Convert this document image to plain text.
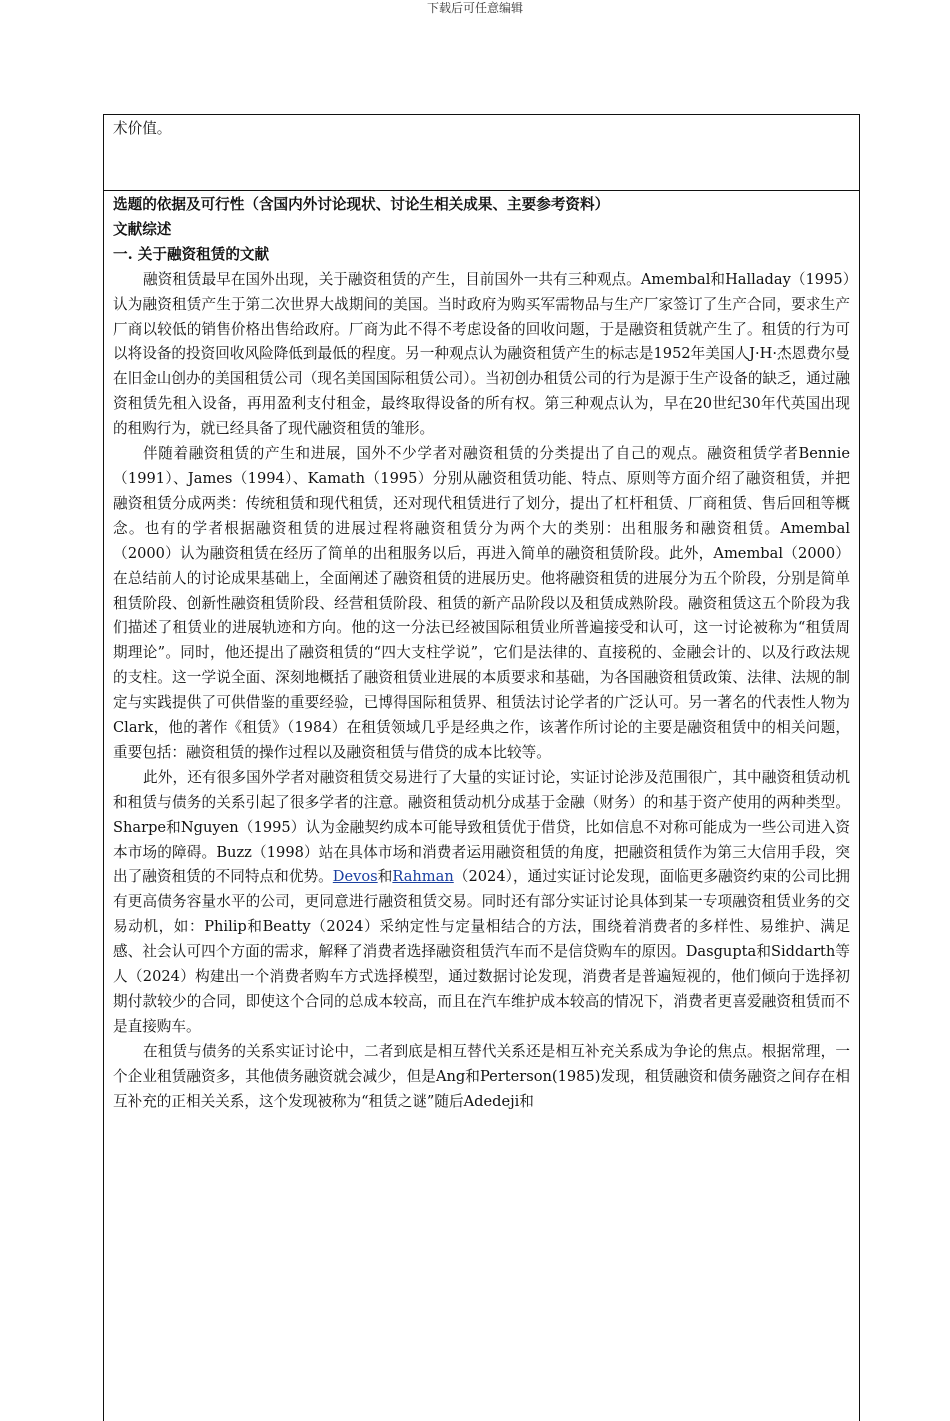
下载后可任意编辑

术价值。

选题的依据及可行性（含国内外讨论现状、讨论生相关成果、主要参考资料）

文献综述

一. 关于融资租赁的文献

融资租赁最早在国外出现，关于融资租赁的产生，目前国外一共有三种观点。Amembal和Halladay（1995）认为融资租赁产生于第二次世界大战期间的美国。当时政府为购买军需物品与生产厂家签订了生产合同，要求生产厂商以较低的销售价格出售给政府。厂商为此不得不考虑设备的回收问题，于是融资租赁就产生了。租赁的行为可以将设备的投资回收风险降低到最低的程度。另一种观点认为融资租赁产生的标志是1952年美国人J·H·杰恩费尔曼在旧金山创办的美国租赁公司（现名美国国际租赁公司）。当初创办租赁公司的行为是源于生产设备的缺乏，通过融资租赁先租入设备，再用盈利支付租金，最终取得设备的所有权。第三种观点认为，早在20世纪30年代英国出现的租购行为，就已经具备了现代融资租赁的雏形。

伴随着融资租赁的产生和进展，国外不少学者对融资租赁的分类提出了自己的观点。融资租赁学者Bennie（1991）、James（1994）、Kamath（1995）分别从融资租赁功能、特点、原则等方面介绍了融资租赁，并把融资租赁分成两类：传统租赁和现代租赁，还对现代租赁进行了划分，提出了杠杆租赁、厂商租赁、售后回租等概念。也有的学者根据融资租赁的进展过程将融资租赁分为两个大的类别：出租服务和融资租赁。Amembal（2000）认为融资租赁在经历了简单的出租服务以后，再进入简单的融资租赁阶段。此外，Amembal（2000）在总结前人的讨论成果基础上，全面阐述了融资租赁的进展历史。他将融资租赁的进展分为五个阶段，分别是简单租赁阶段、创新性融资租赁阶段、经营租赁阶段、租赁的新产品阶段以及租赁成熟阶段。融资租赁这五个阶段为我们描述了租赁业的进展轨迹和方向。他的这一分法已经被国际租赁业所普遍接受和认可，这一讨论被称为“租赁周期理论”。同时，他还提出了融资租赁的“四大支柱学说”，它们是法律的、直接税的、金融会计的、以及行政法规的支柱。这一学说全面、深刻地概括了融资租赁业进展的本质要求和基础，为各国融资租赁政策、法律、法规的制定与实践提供了可供借鉴的重要经验，已博得国际租赁界、租赁法讨论学者的广泛认可。另一著名的代表性人物为Clark，他的著作《租赁》（1984）在租赁领域几乎是经典之作，该著作所讨论的主要是融资租赁中的相关问题，重要包括：融资租赁的操作过程以及融资租赁与借贷的成本比较等。

此外，还有很多国外学者对融资租赁交易进行了大量的实证讨论，实证讨论涉及范围很广，其中融资租赁动机和租赁与债务的关系引起了很多学者的注意。融资租赁动机分成基于金融（财务）的和基于资产使用的两种类型。Sharpe和Nguyen（1995）认为金融契约成本可能导致租赁优于借贷，比如信息不对称可能成为一些公司进入资本市场的障碍。Buzz（1998）站在具体市场和消费者运用融资租赁的角度，把融资租赁作为第三大信用手段，突出了融资租赁的不同特点和优势。Devos和Rahman（2024），通过实证讨论发现，面临更多融资约束的公司比拥有更高债务容量水平的公司，更同意进行融资租赁交易。同时还有部分实证讨论具体到某一专项融资租赁业务的交易动机，如：Philip和Beatty（2024）采纳定性与定量相结合的方法，围绕着消费者的多样性、易维护、满足感、社会认可四个方面的需求，解释了消费者选择融资租赁汽车而不是信贷购车的原因。Dasgupta和Siddarth等人（2024）构建出一个消费者购车方式选择模型，通过数据讨论发现，消费者是普遍短视的，他们倾向于选择初期付款较少的合同，即使这个合同的总成本较高，而且在汽车维护成本较高的情况下，消费者更喜爱融资租赁而不是直接购车。

在租赁与债务的关系实证讨论中，二者到底是相互替代关系还是相互补充关系成为争论的焦点。根据常理，一个企业租赁融资多，其他债务融资就会减少，但是Ang和Perterson(1985)发现，租赁融资和债务融资之间存在相互补充的正相关关系，这个发现被称为“租赁之谜”随后Adedeji和
